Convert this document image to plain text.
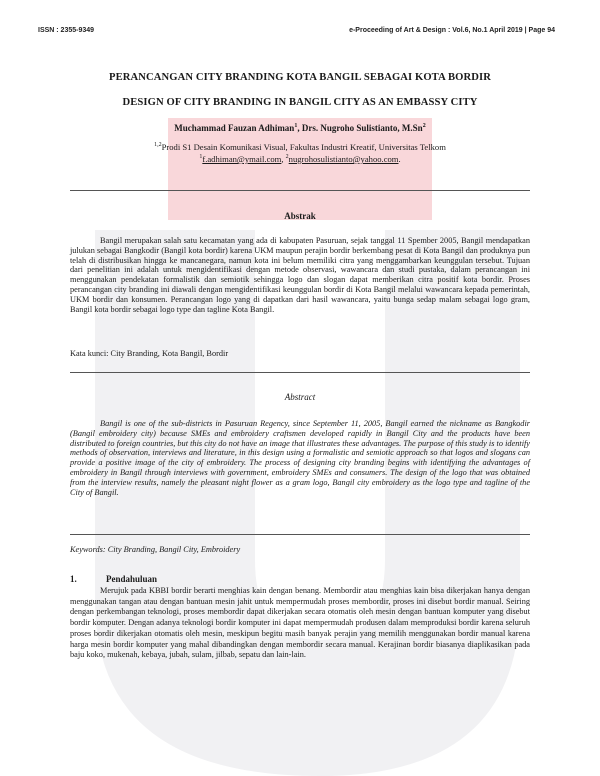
ISSN : 2355-9349	e-Proceeding of Art & Design : Vol.6, No.1 April 2019 | Page 94
PERANCANGAN CITY BRANDING KOTA BANGIL SEBAGAI KOTA BORDIR
DESIGN OF CITY BRANDING IN BANGIL CITY AS AN EMBASSY CITY
Muchammad Fauzan Adhiman$^1$, Drs. Nugroho Sulistianto, M.Sn$^2$
$^{1,2}$Prodi S1 Desain Komunikasi Visual, Fakultas Industri Kreatif, Universitas Telkom
$^1$f.adhiman@ymail.com, $^2$nugrohosulistianto@yahoo.com.
Abstrak
Bangil merupakan salah satu kecamatan yang ada di kabupaten Pasuruan, sejak tanggal 11 Spember 2005, Bangil mendapatkan julukan sebagai Bangkodir (Bangil kota bordir) karena UKM maupun perajin bordir berkembang pesat di Kota Bangil dan produknya pun telah di distribusikan hingga ke mancanegara, namun kota ini belum memiliki citra yang menggambarkan keunggulan tersebut. Tujuan dari penelitian ini adalah untuk mengidentifikasi dengan metode observasi, wawancara dan studi pustaka, dalam perancangan ini menggunakan pendekatan formalistik dan semiotik sehingga logo dan slogan dapat memberikan citra positif kota bordir. Proses perancangan city branding ini diawali dengan mengidentifikasi keunggulan bordir di Kota Bangil melalui wawancara kepada pemerintah, UKM bordir dan konsumen. Perancangan logo yang di dapatkan dari hasil wawancara, yaitu bunga sedap malam sebagai logo gram, Bangil kota bordir sebagai logo type dan tagline Kota Bangil.
Kata kunci: City Branding, Kota Bangil, Bordir
Abstract
Bangil is one of the sub-districts in Pasuruan Regency, since September 11, 2005, Bangil earned the nickname as Bangkodir (Bangil embroidery city) because SMEs and embroidery craftsmen developed rapidly in Bangil City and the products have been distributed to foreign countries, but this city do not have an image that illustrates these advantages. The purpose of this study is to identify methods of observation, interviews and literature, in this design using a formalistic and semiotic approach so that logos and slogans can provide a positive image of the city of embroidery. The process of designing city branding begins with identifying the advantages of embroidery in Bangil through interviews with government, embroidery SMEs and consumers. The design of the logo that was obtained from the interview results, namely the pleasant night flower as a gram logo, Bangil city embroidery as the logo type and tagline of the City of Bangil.
Keywords: City Branding, Bangil City, Embroidery
1.	Pendahuluan
Merujuk pada KBBI bordir berarti menghias kain dengan benang. Membordir atau menghias kain bisa dikerjakan hanya dengan menggunakan tangan atau dengan bantuan mesin jahit untuk mempermudah proses membordir, proses ini disebut bordir manual. Seiring dengan perkembangan teknologi, proses membordir dapat dikerjakan secara otomatis oleh mesin dengan bantuan komputer yang disebut bordir komputer. Dengan adanya teknologi bordir komputer ini dapat mempermudah produsen dalam memproduksi bordir karena seluruh proses bordir dikerjakan otomatis oleh mesin, meskipun begitu masih banyak perajin yang memilih menggunakan bordir manual karena harga mesin bordir komputer yang mahal dibandingkan dengan membordir secara manual. Kerajinan bordir biasanya diaplikasikan pada baju koko, mukenah, kebaya, jubah, sulam, jilbab, sepatu dan lain-lain.
